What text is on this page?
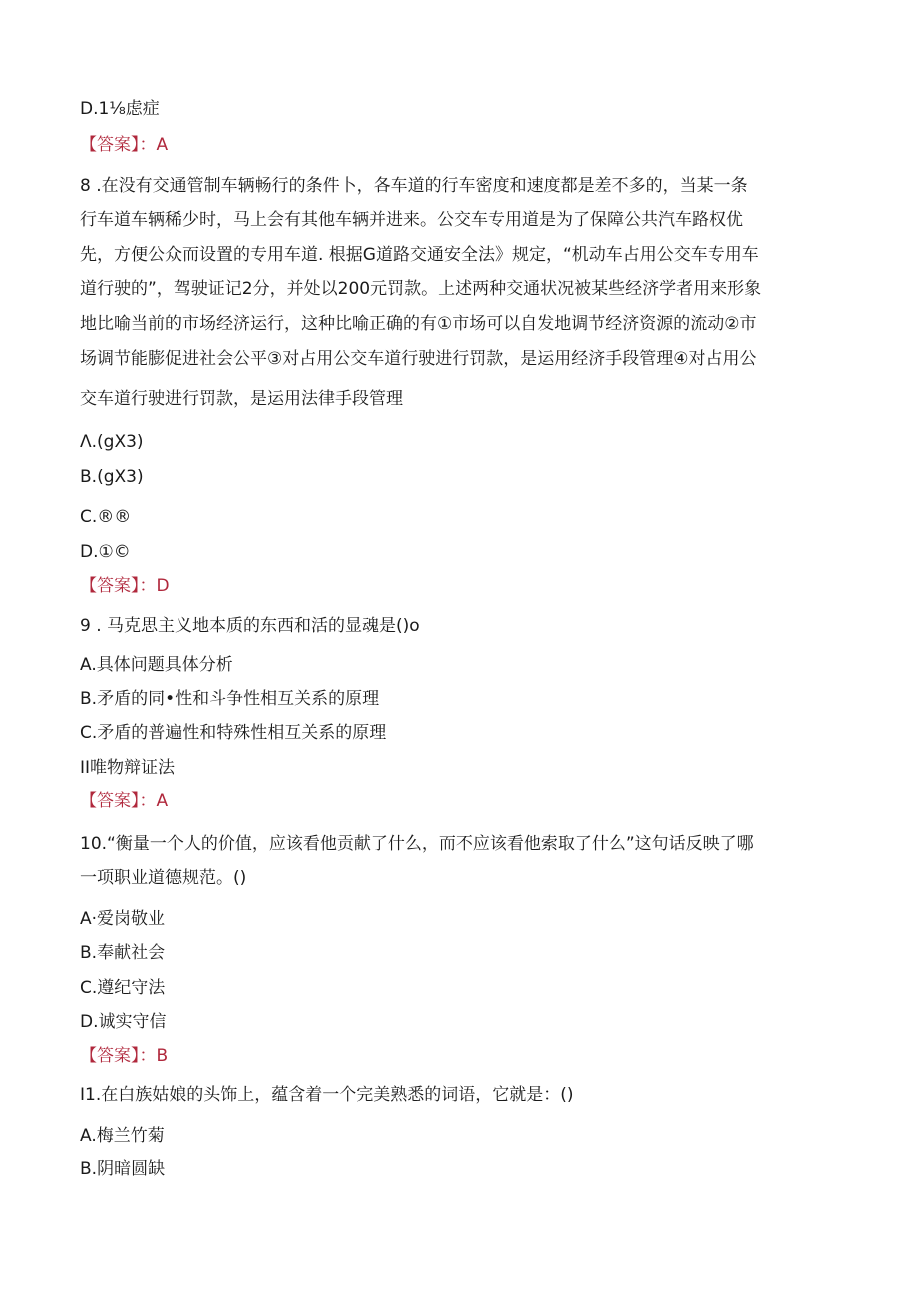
D.1⅛虑症
【答案】：A
8 .在没有交通管制车辆畅行的条件卜，各车道的行车密度和速度都是差不多的，当某一条
行车道车辆稀少时，马上会有其他车辆并进来。公交车专用道是为了保障公共汽车路权优
先，方便公众而设置的专用车道. 根据G道路交通安全法》规定，“机动车占用公交车专用车
道行驶的”，驾驶证记2分，并处以200元罚款。上述两种交通状况被某些经济学者用来形象
地比喻当前的市场经济运行，这种比喻正确的有①市场可以自发地调节经济资源的流动②市
场调节能膨促进社会公平③对占用公交车道行驶进行罚款，是运用经济手段管理④对占用公
交车道行驶进行罚款，是运用法律手段管理
Λ.(gX3)
B.(gX3)
C.®®
D.①©
【答案】：D
9 . 马克思主义地本质的东西和活的显魂是()o
A.具体问题具体分析
B.矛盾的同•性和斗争性相互关系的原理
C.矛盾的普遍性和特殊性相互关系的原理
II唯物辩证法
【答案】：A
10.“衡量一个人的价值，应该看他贡献了什么，而不应该看他索取了什么”这句话反映了哪
一项职业道德规范。()
A·爱岗敬业
B.奉献社会
C.遵纪守法
D.诚实守信
【答案】：B
I1.在白族姑娘的头饰上，蕴含着一个完美熟悉的词语，它就是：()
A.梅兰竹菊
B.阴暗圆缺
